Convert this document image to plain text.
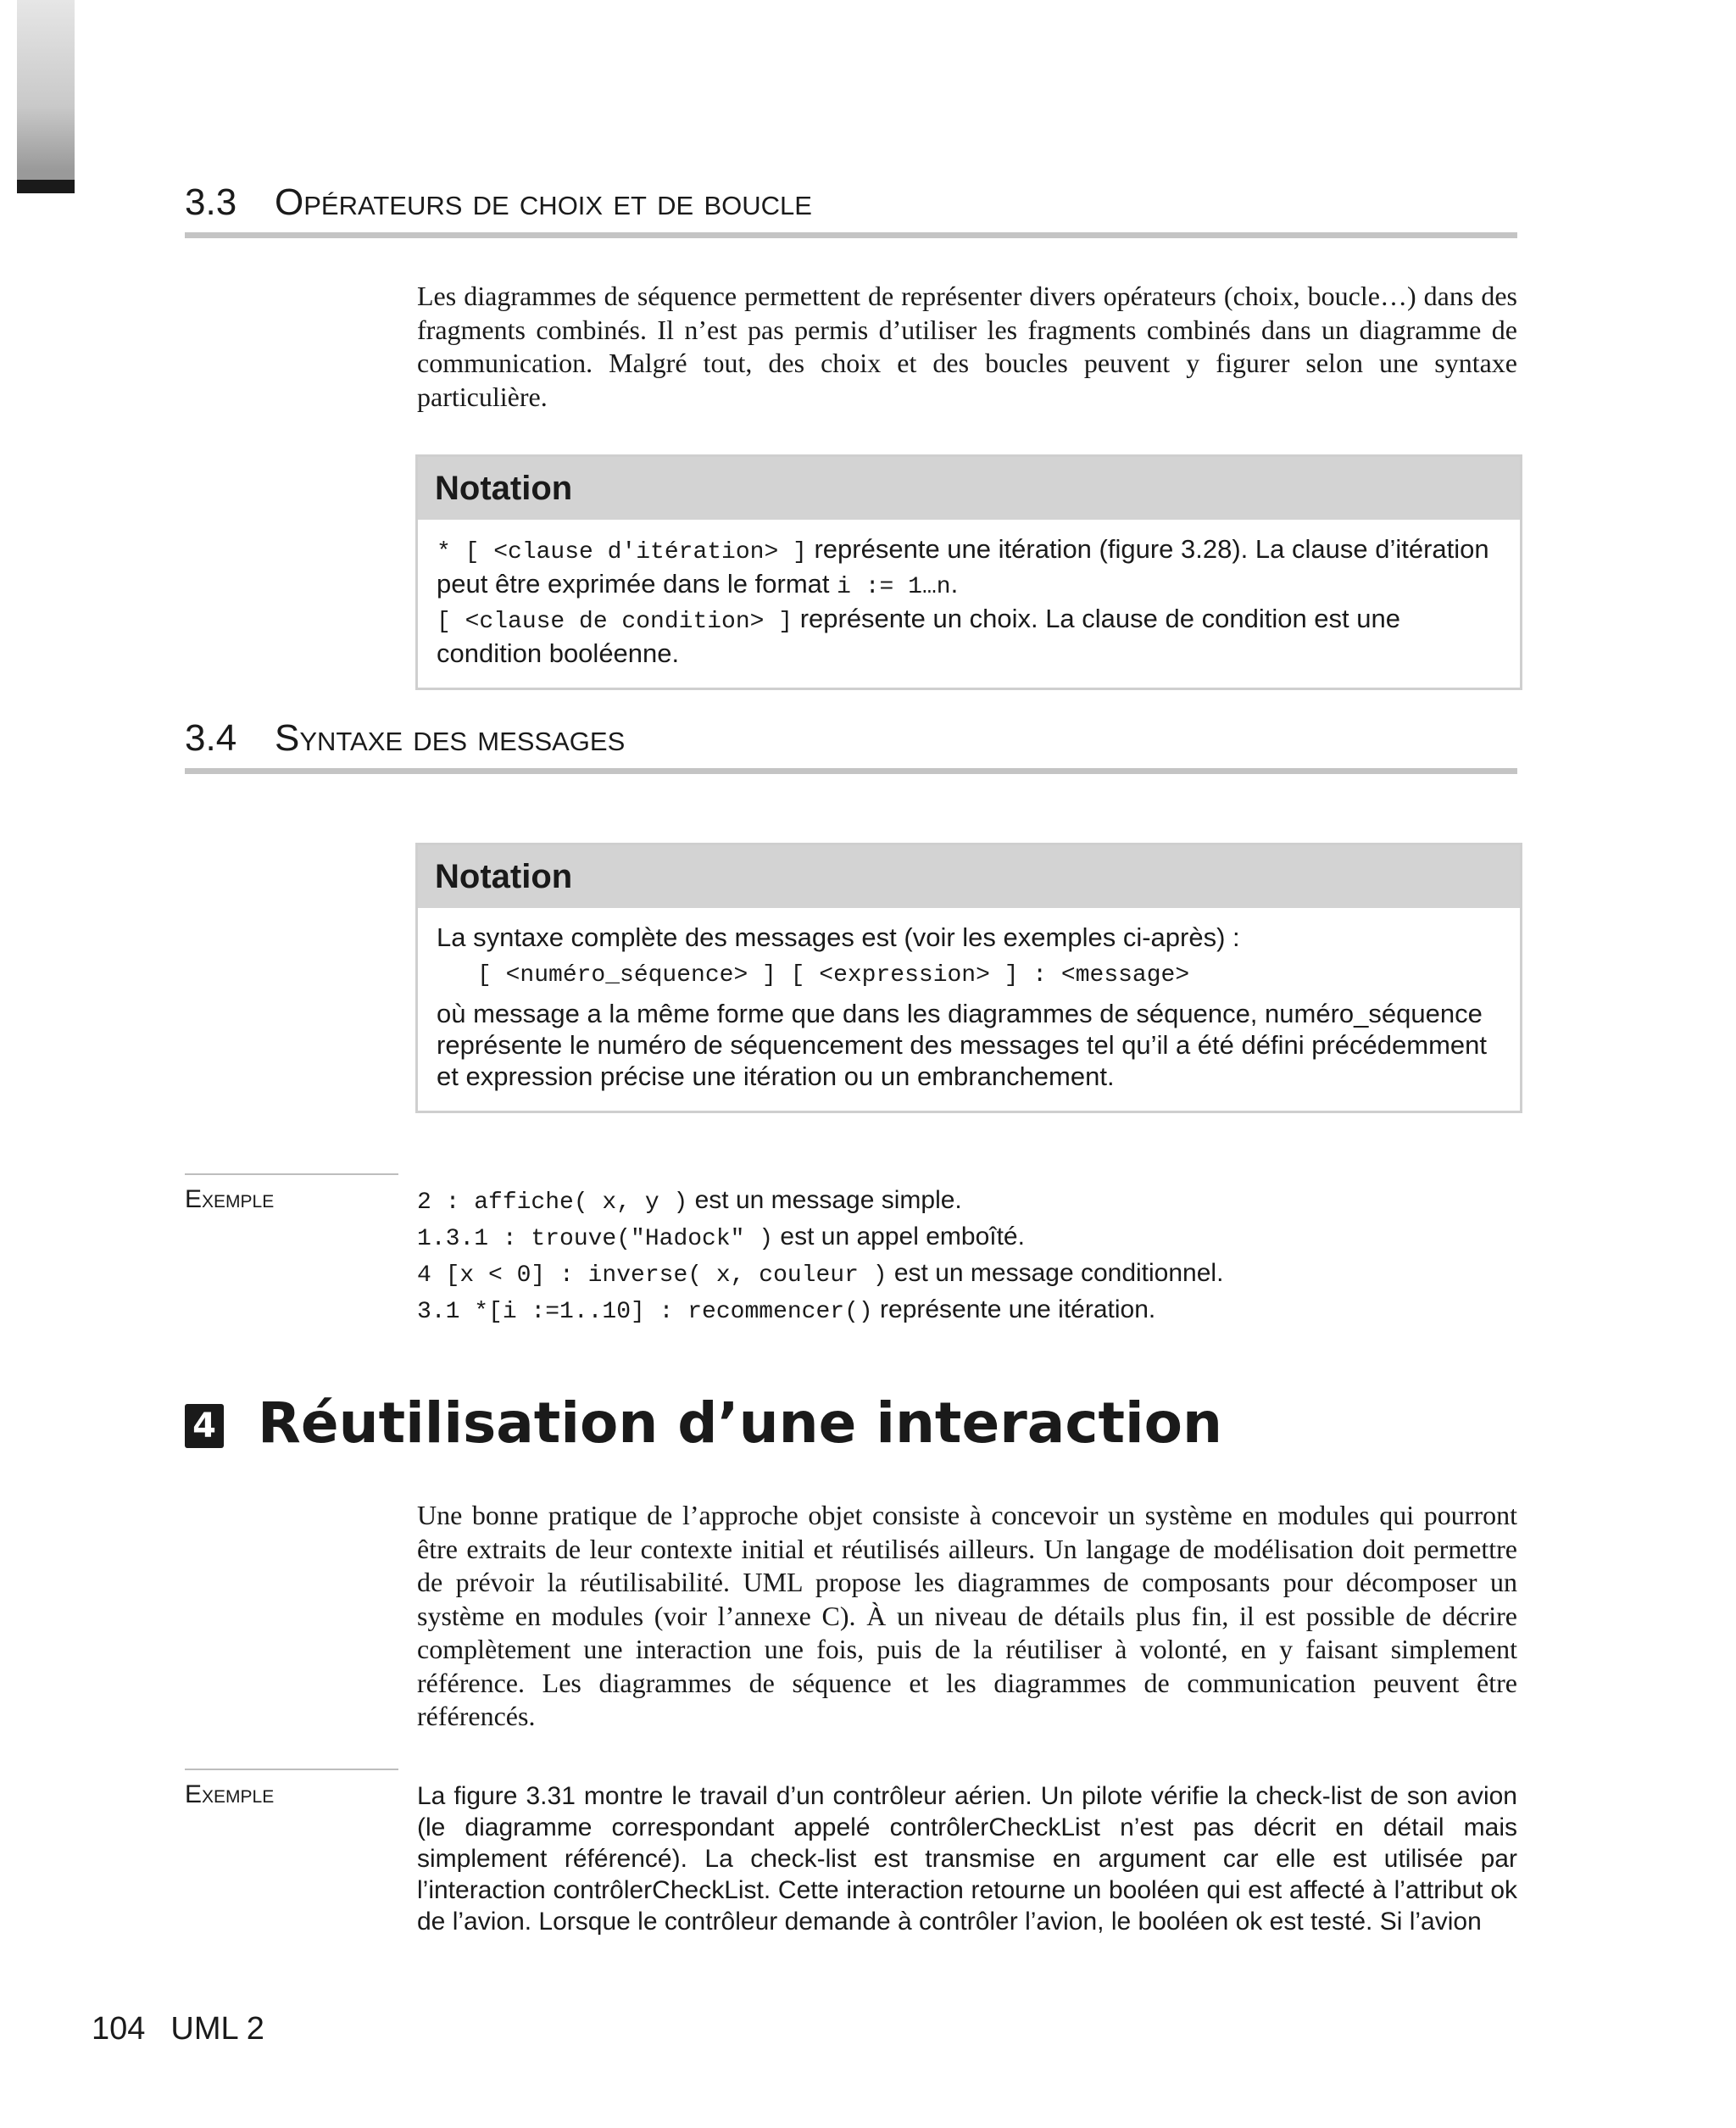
3.3 Opérateurs de choix et de boucle

Les diagrammes de séquence permettent de représenter divers opérateurs (choix, boucle…) dans des fragments combinés. Il n’est pas permis d’utiliser les fragments combinés dans un diagramme de communication. Malgré tout, des choix et des boucles peuvent y figurer selon une syntaxe particulière.

Notation

* [ <clause d'itération> ] représente une itération (figure 3.28). La clause d’itération peut être exprimée dans le format i := 1…n.

[ <clause de condition> ] représente un choix. La clause de condition est une condition booléenne.

3.4 Syntaxe des messages
Notation

La syntaxe complète des messages est (voir les exemples ci-après) :

[ <numéro_séquence> ] [ <expression> ] : <message>

où message a la même forme que dans les diagrammes de séquence, numéro_séquence représente le numéro de séquencement des messages tel qu’il a été défini précédemment et expression précise une itération ou un embranchement.

Exemple	2 : affiche( x, y ) est un message simple.
1.3.1 : trouve("Hadock" ) est un appel emboîté.
4 [x < 0] : inverse( x, couleur ) est un message conditionnel.
3.1 *[i :=1..10] : recommencer() représente une itération.
4 Réutilisation d’une interaction

Une bonne pratique de l’approche objet consiste à concevoir un système en modules qui pourront être extraits de leur contexte initial et réutilisés ailleurs. Un langage de modélisation doit permettre de prévoir la réutilisabilité. UML propose les diagrammes de composants pour décomposer un système en modules (voir l’annexe C). À un niveau de détails plus fin, il est possible de décrire complètement une interaction une fois, puis de la réutiliser à volonté, en y faisant simplement référence. Les diagrammes de séquence et les diagrammes de communication peuvent être référencés.

Exemple	La figure 3.31 montre le travail d’un contrôleur aérien. Un pilote vérifie la check-list de son avion (le diagramme correspondant appelé contrôlerCheckList n’est pas décrit en détail mais simplement référencé). La check-list est transmise en argument car elle est utilisée par l’interaction contrôlerCheckList. Cette interaction retourne un booléen qui est affecté à l’attribut ok de l’avion. Lorsque le contrôleur demande à contrôler l’avion, le booléen ok est testé. Si l’avion

104 UML 2
